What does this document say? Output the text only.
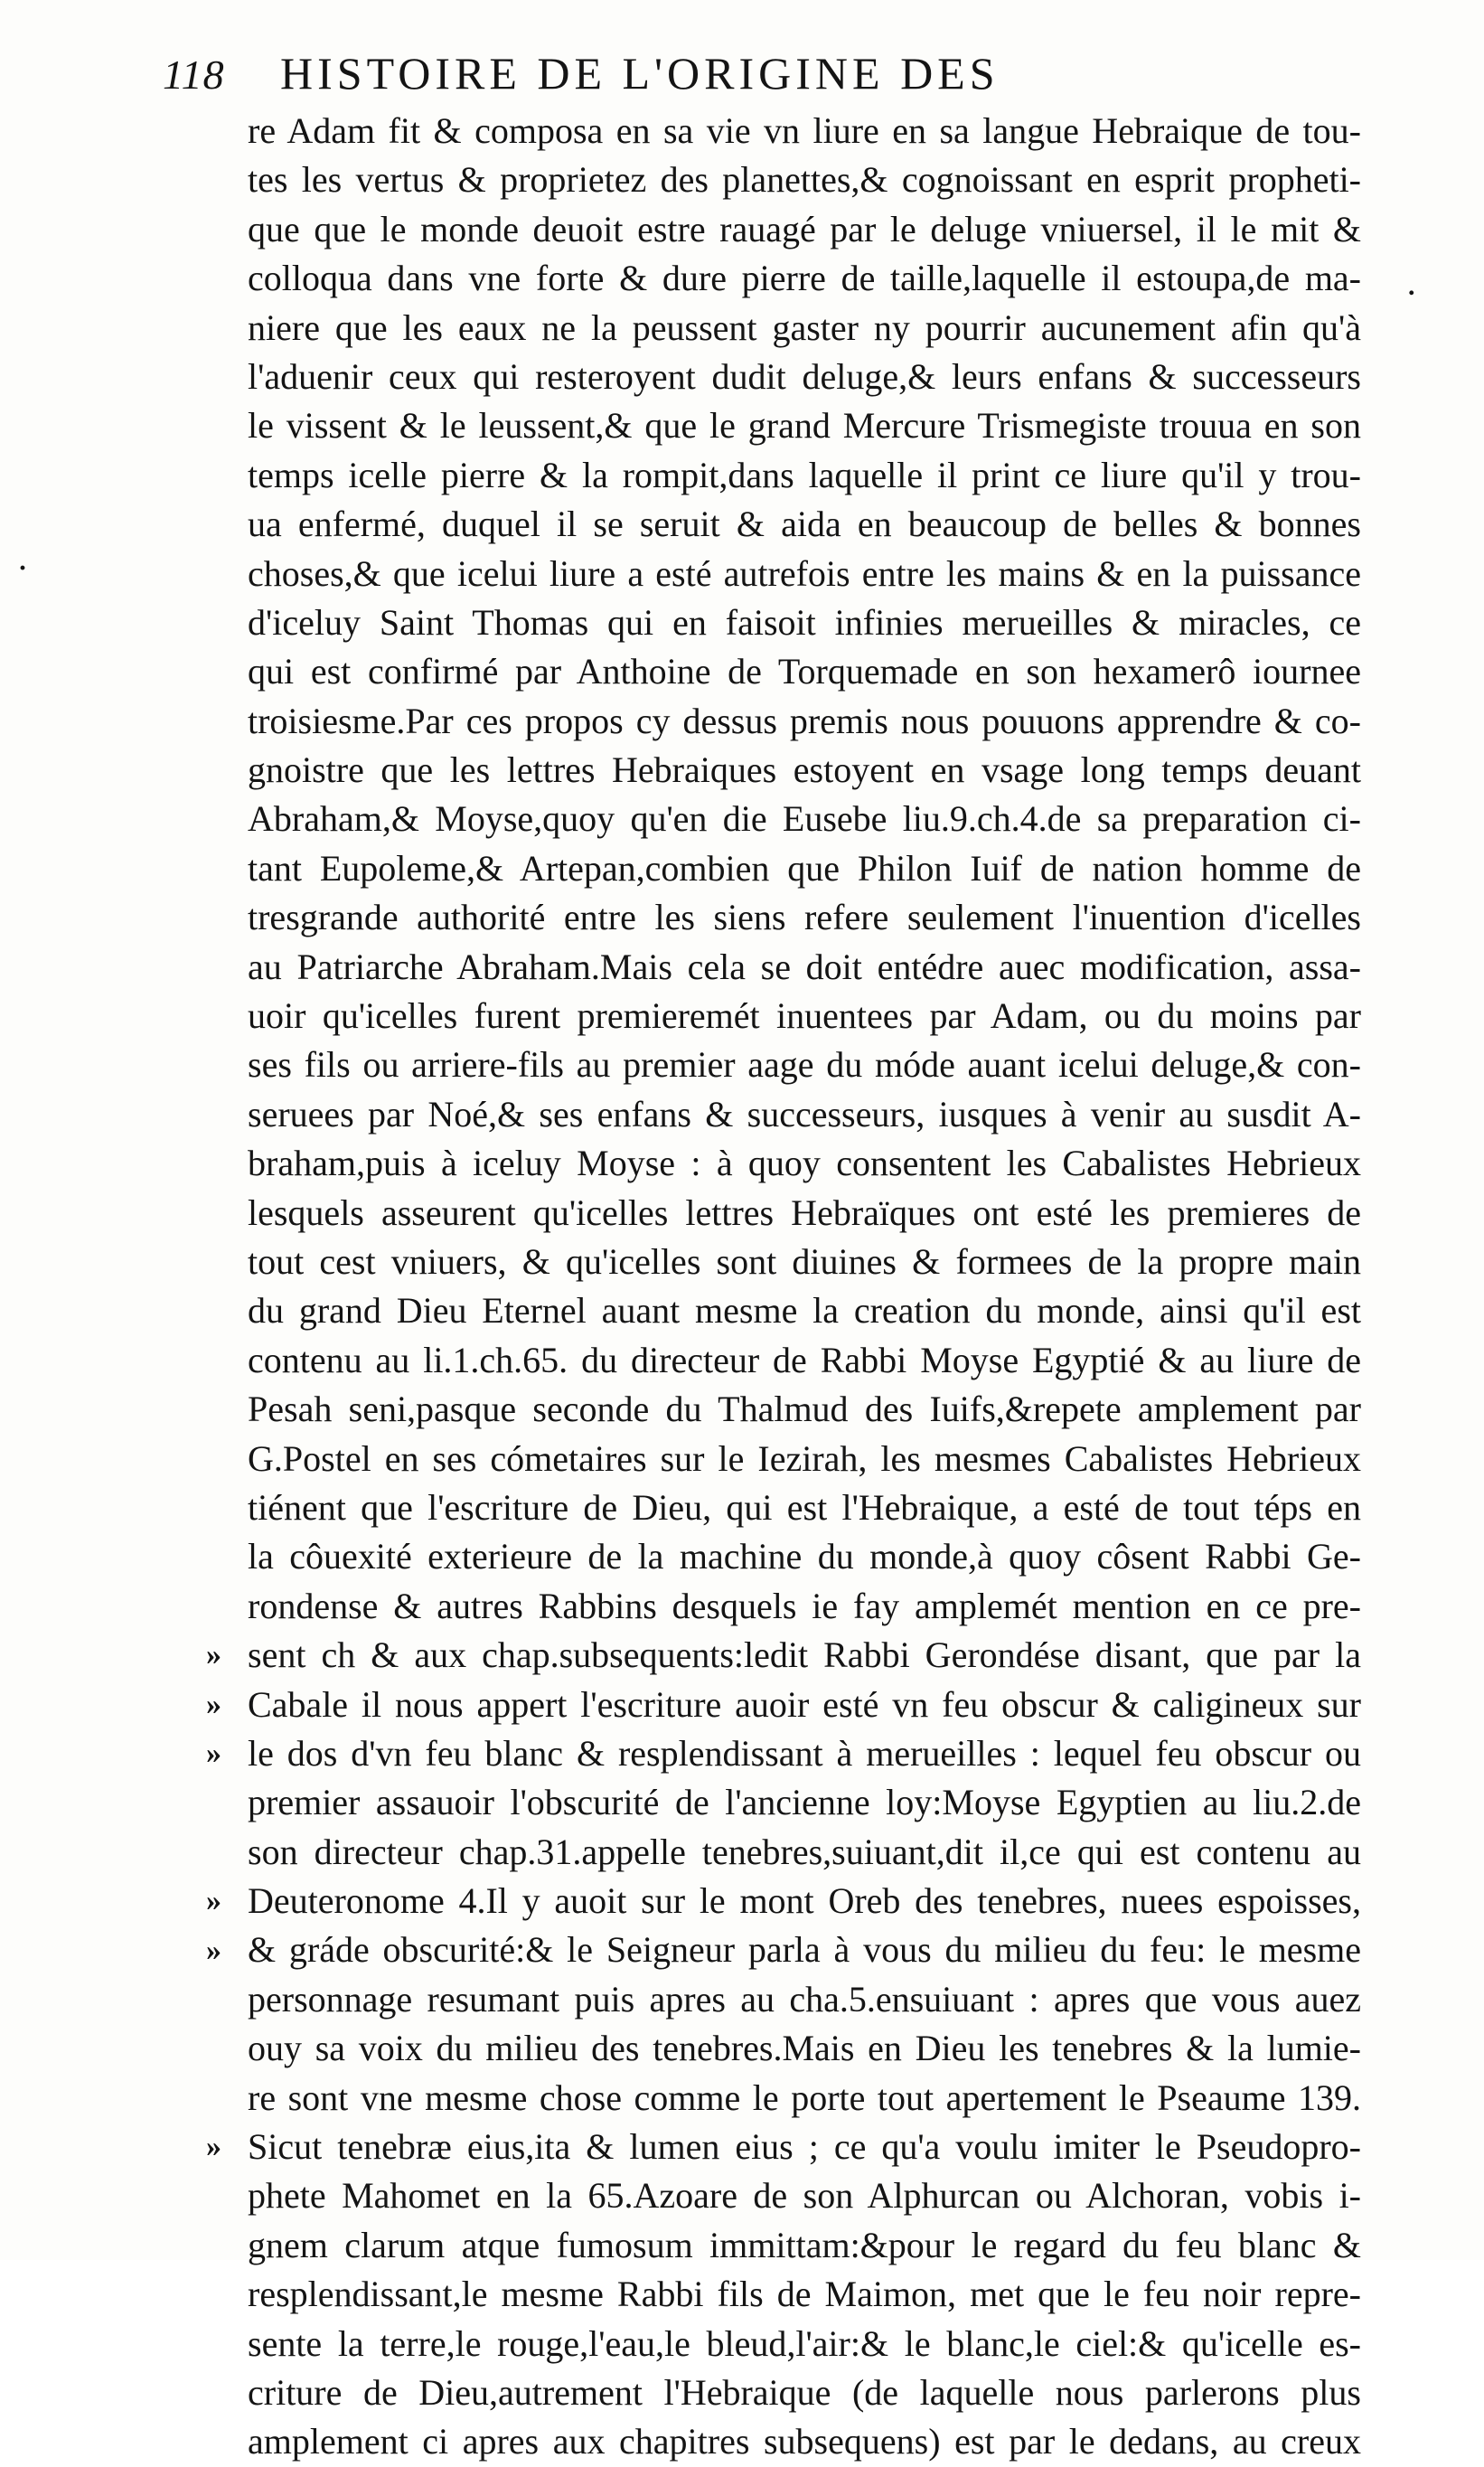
118 HISTOIRE DE L'ORIGINE DES
»
»
»
»
»
»
re Adam fit & composa en sa vie vn liure en sa langue Hebraique de tou-
tes les vertus & proprietez des planettes,& cognoissant en esprit propheti-
que que le monde deuoit estre rauagé par le deluge vniuersel, il le mit &
colloqua dans vne forte & dure pierre de taille,laquelle il estoupa,de ma-
niere que les eaux ne la peussent gaster ny pourrir aucunement afin qu'à
l'aduenir ceux qui resteroyent dudit deluge,& leurs enfans & successeurs
le vissent & le leussent,& que le grand Mercure Trismegiste trouua en son
temps icelle pierre & la rompit,dans laquelle il print ce liure qu'il y trou-
ua enfermé, duquel il se seruit & aida en beaucoup de belles & bonnes
choses,& que icelui liure a esté autrefois entre les mains & en la puissance
d'iceluy Saint Thomas qui en faisoit infinies merueilles & miracles, ce
qui est confirmé par Anthoine de Torquemade en son hexamerô iournee
troisiesme.Par ces propos cy dessus premis nous pouuons apprendre & co-
gnoistre que les lettres Hebraiques estoyent en vsage long temps deuant
Abraham,& Moyse,quoy qu'en die Eusebe liu.9.ch.4.de sa preparation ci-
tant Eupoleme,& Artepan,combien que Philon Iuif de nation homme de
tresgrande authorité entre les siens refere seulement l'inuention d'icelles
au Patriarche Abraham.Mais cela se doit entédre auec modification, assa-
uoir qu'icelles furent premieremét inuentees par Adam, ou du moins par
ses fils ou arriere-fils au premier aage du móde auant icelui deluge,& con-
seruees par Noé,& ses enfans & successeurs, iusques à venir au susdit A-
braham,puis à iceluy Moyse : à quoy consentent les Cabalistes Hebrieux
lesquels asseurent qu'icelles lettres Hebraïques ont esté les premieres de
tout cest vniuers, & qu'icelles sont diuines & formees de la propre main
du grand Dieu Eternel auant mesme la creation du monde, ainsi qu'il est
contenu au li.1.ch.65. du directeur de Rabbi Moyse Egyptié & au liure de
Pesah seni,pasque seconde du Thalmud des Iuifs,&repete amplement par
G.Postel en ses cómetaires sur le Iezirah, les mesmes Cabalistes Hebrieux
tiénent que l'escriture de Dieu, qui est l'Hebraique, a esté de tout téps en
la côuexité exterieure de la machine du monde,à quoy côsent Rabbi Ge-
rondense & autres Rabbins desquels ie fay amplemét mention en ce pre-
sent ch & aux chap.subsequents:ledit Rabbi Gerondése disant, que par la
Cabale il nous appert l'escriture auoir esté vn feu obscur & caligineux sur
le dos d'vn feu blanc & resplendissant à merueilles : lequel feu obscur ou
premier assauoir l'obscurité de l'ancienne loy:Moyse Egyptien au liu.2.de
son directeur chap.31.appelle tenebres,suiuant,dit il,ce qui est contenu au
Deuteronome 4.Il y auoit sur le mont Oreb des tenebres, nuees espoisses,
& gráde obscurité:& le Seigneur parla à vous du milieu du feu: le mesme
personnage resumant puis apres au cha.5.ensuiuant : apres que vous auez
ouy sa voix du milieu des tenebres.Mais en Dieu les tenebres & la lumie-
re sont vne mesme chose comme le porte tout apertement le Pseaume 139.
Sicut tenebræ eius,ita & lumen eius ; ce qu'a voulu imiter le Pseudopro-
phete Mahomet en la 65.Azoare de son Alphurcan ou Alchoran, vobis i-
gnem clarum atque fumosum immittam:&pour le regard du feu blanc &
resplendissant,le mesme Rabbi fils de Maimon, met que le feu noir repre-
sente la terre,le rouge,l'eau,le bleud,l'air:& le blanc,le ciel:& qu'icelle es-
criture de Dieu,autrement l'Hebraique (de laquelle nous parlerons plus
amplement ci apres aux chapitres subsequens) est par le dedans, au creux
·
.
